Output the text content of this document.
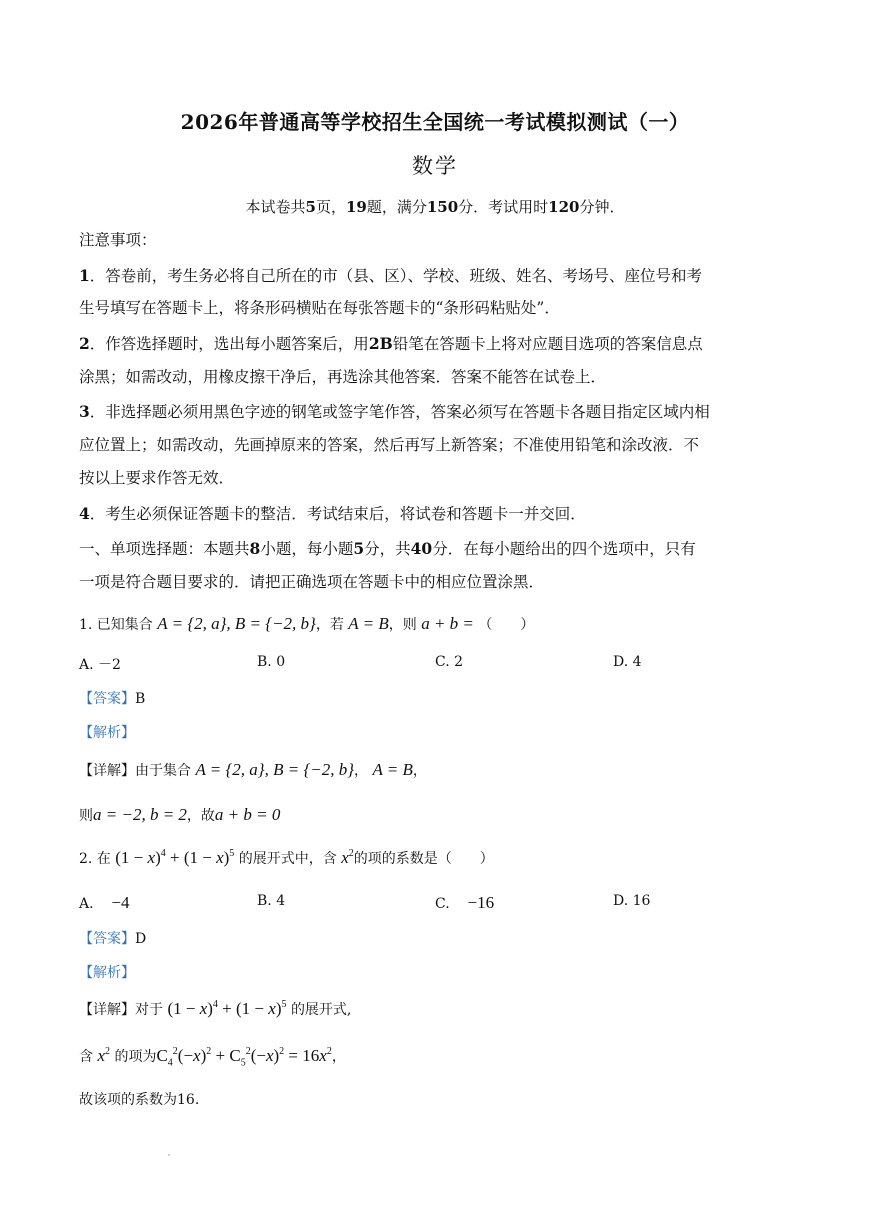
2026年普通高等学校招生全国统一考试模拟测试（一）
数学
本试卷共5页，19题，满分150分．考试用时120分钟．
注意事项：
1．答卷前，考生务必将自己所在的市（县、区）、学校、班级、姓名、考场号、座位号和考
生号填写在答题卡上，将条形码横贴在每张答题卡的“条形码粘贴处”．
2．作答选择题时，选出每小题答案后，用2B铅笔在答题卡上将对应题目选项的答案信息点
涂黑；如需改动，用橡皮擦干净后，再选涂其他答案．答案不能答在试卷上．
3．非选择题必须用黑色字迹的钢笔或签字笔作答，答案必须写在答题卡各题目指定区域内相
应位置上；如需改动，先画掉原来的答案，然后再写上新答案；不准使用铅笔和涂改液．不
按以上要求作答无效．
4．考生必须保证答题卡的整洁．考试结束后，将试卷和答题卡一并交回．
一、单项选择题：本题共8小题，每小题5分，共40分．在每小题给出的四个选项中，只有
一项是符合题目要求的．请把正确选项在答题卡中的相应位置涂黑．
1. 已知集合 A = {2, a}, B = {−2, b}，若 A = B，则 a + b = （　　）
A. －2	B. 0	C. 2	D. 4
【答案】B
【解析】
【详解】由于集合 A = {2, a}, B = {−2, b}， A = B，
则a = −2, b = 2，故a + b = 0
2. 在 $(1 - x)^4 + (1 - x)^5$ 的展开式中，含 $x^2$的项的系数是（　　）
A. −4	B. 4	C. −16	D. 16
【答案】D
【解析】
【详解】对于 $(1 - x)^4 + (1 - x)^5$ 的展开式,
含 $x^2$ 的项为$C_4^2(-x)^2 + C_5^2(-x)^2 = 16x^2$，
故该项的系数为16.
